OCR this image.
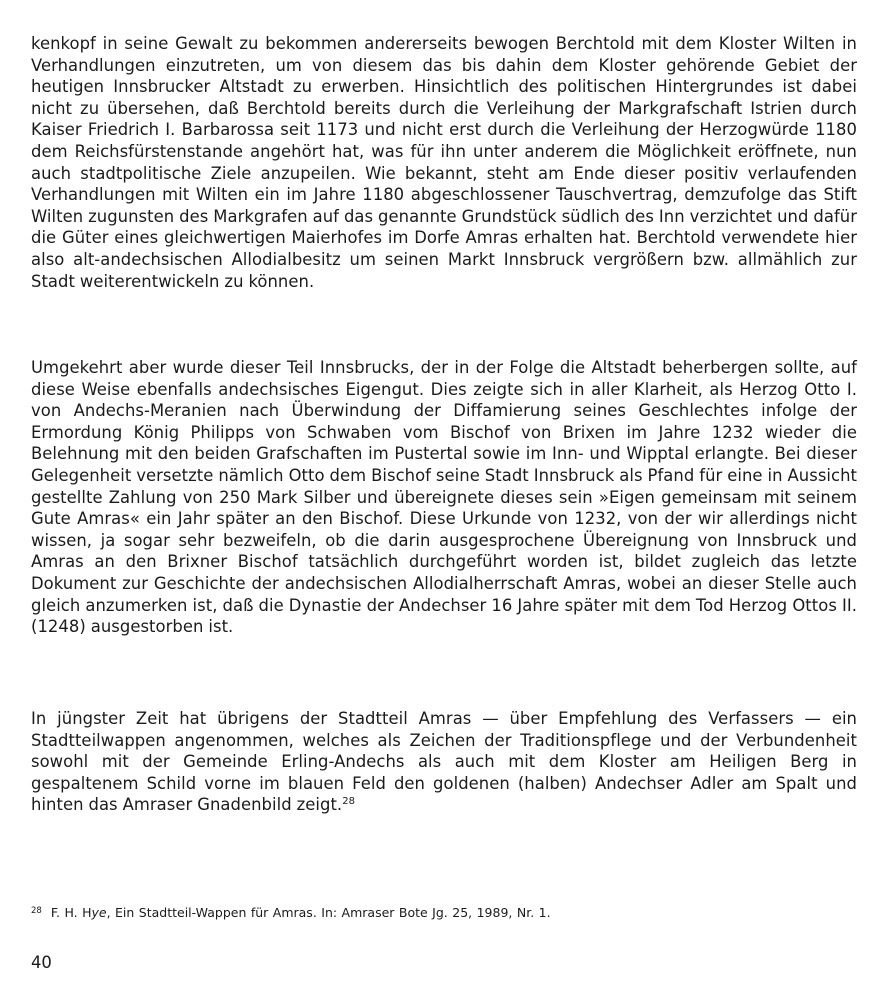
kenkopf in seine Gewalt zu bekommen andererseits bewogen Berchtold mit dem Kloster Wilten in Verhandlungen einzutreten, um von diesem das bis dahin dem Kloster gehörende Gebiet der heutigen Innsbrucker Altstadt zu erwerben. Hinsichtlich des politischen Hintergrundes ist dabei nicht zu übersehen, daß Berchtold bereits durch die Verleihung der Markgrafschaft Istrien durch Kaiser Friedrich I. Barbarossa seit 1173 und nicht erst durch die Verleihung der Herzogwürde 1180 dem Reichsfürstenstande angehört hat, was für ihn unter anderem die Möglichkeit eröffnete, nun auch stadtpolitische Ziele anzupeilen. Wie bekannt, steht am Ende dieser positiv verlaufenden Verhandlungen mit Wilten ein im Jahre 1180 abgeschlossener Tauschvertrag, demzufolge das Stift Wilten zugunsten des Markgrafen auf das genannte Grundstück südlich des Inn verzichtet und dafür die Güter eines gleichwertigen Maierhofes im Dorfe Amras erhalten hat. Berchtold verwendete hier also alt-andechsischen Allodialbesitz um seinen Markt Innsbruck vergrößern bzw. allmählich zur Stadt weiterentwickeln zu können.

Umgekehrt aber wurde dieser Teil Innsbrucks, der in der Folge die Altstadt beherbergen sollte, auf diese Weise ebenfalls andechsisches Eigengut. Dies zeigte sich in aller Klarheit, als Herzog Otto I. von Andechs-Meranien nach Überwindung der Diffamierung seines Geschlechtes infolge der Ermordung König Philipps von Schwaben vom Bischof von Brixen im Jahre 1232 wieder die Belehnung mit den beiden Grafschaften im Pustertal sowie im Inn- und Wipptal erlangte. Bei dieser Gelegenheit versetzte nämlich Otto dem Bischof seine Stadt Innsbruck als Pfand für eine in Aussicht gestellte Zahlung von 250 Mark Silber und übereignete dieses sein »Eigen gemeinsam mit seinem Gute Amras« ein Jahr später an den Bischof. Diese Urkunde von 1232, von der wir allerdings nicht wissen, ja sogar sehr bezweifeln, ob die darin ausgesprochene Übereignung von Innsbruck und Amras an den Brixner Bischof tatsächlich durchgeführt worden ist, bildet zugleich das letzte Dokument zur Geschichte der andechsischen Allodialherrschaft Amras, wobei an dieser Stelle auch gleich anzumerken ist, daß die Dynastie der Andechser 16 Jahre später mit dem Tod Herzog Ottos II. (1248) ausgestorben ist.

In jüngster Zeit hat übrigens der Stadtteil Amras — über Empfehlung des Verfassers — ein Stadtteilwappen angenommen, welches als Zeichen der Traditionspflege und der Verbundenheit sowohl mit der Gemeinde Erling-Andechs als auch mit dem Kloster am Heiligen Berg in gespaltenem Schild vorne im blauen Feld den goldenen (halben) Andechser Adler am Spalt und hinten das Amraser Gnadenbild zeigt.$^{28}$

$^{28}$ F. H. Hye, Ein Stadtteil-Wappen für Amras. In: Amraser Bote Jg. 25, 1989, Nr. 1.
40
